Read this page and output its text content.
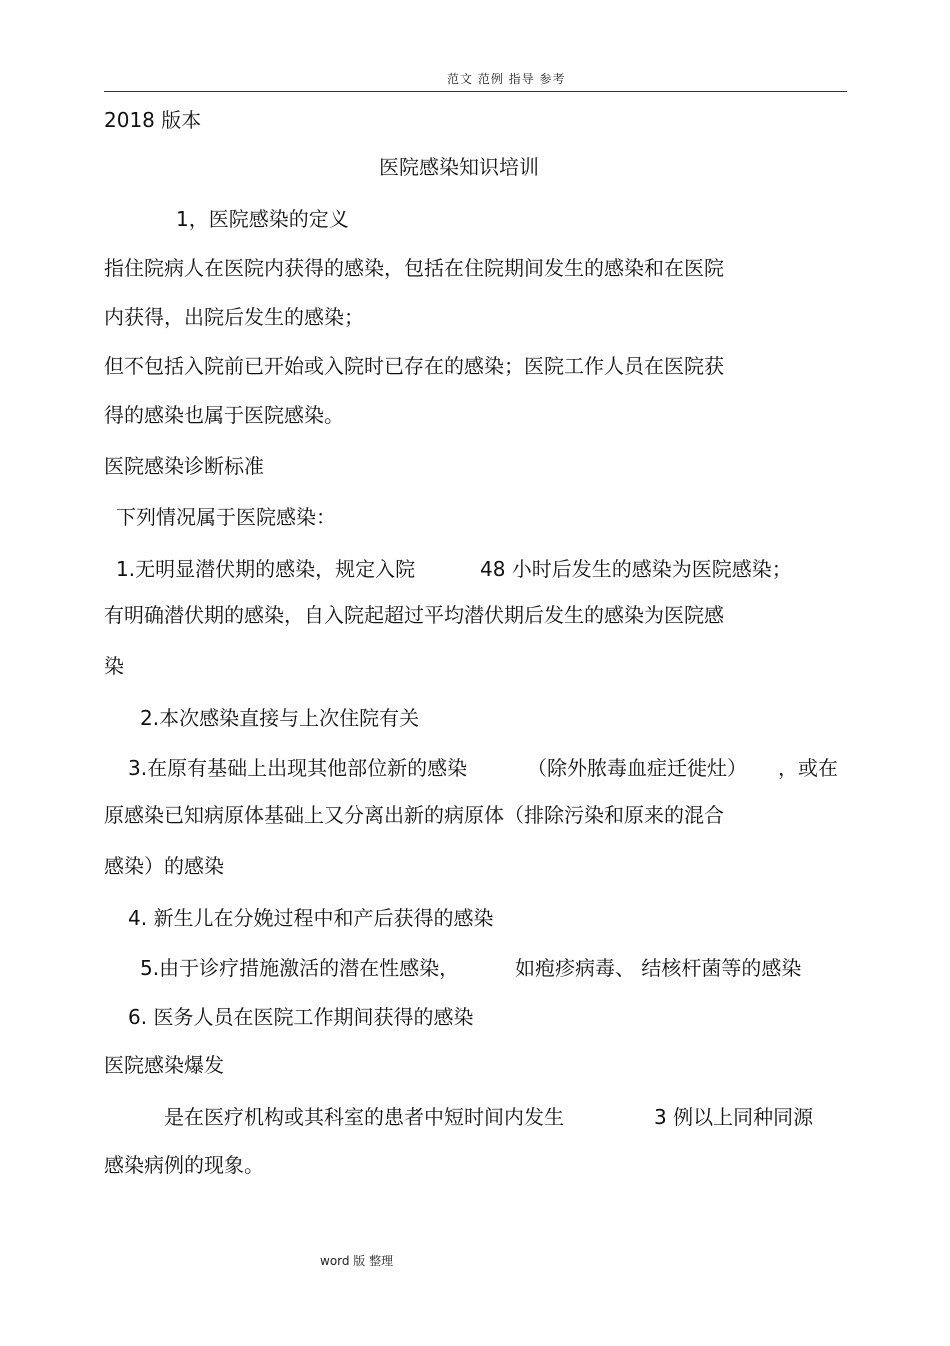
范文 范例 指导 参考
2018 版本
医院感染知识培训
1，医院感染的定义
指住院病人在医院内获得的感染，包括在住院期间发生的感染和在医院
内获得，出院后发生的感染；
但不包括入院前已开始或入院时已存在的感染；医院工作人员在医院获
得的感染也属于医院感染。
医院感染诊断标准
下列情况属于医院感染：
1.无明显潜伏期的感染，规定入院	48 小时后发生的感染为医院感染；
有明确潜伏期的感染，自入院起超过平均潜伏期后发生的感染为医院感
染
2.本次感染直接与上次住院有关
3.在原有基础上出现其他部位新的感染	（除外脓毒血症迁徙灶） ，或在
原感染已知病原体基础上又分离出新的病原体（排除污染和原来的混合
感染）的感染
4. 新生儿在分娩过程中和产后获得的感染
5.由于诊疗措施激活的潜在性感染，	如疱疹病毒、 结核杆菌等的感染
6. 医务人员在医院工作期间获得的感染
医院感染爆发
是在医疗机构或其科室的患者中短时间内发生	3 例以上同种同源
感染病例的现象。
word 版 整理
